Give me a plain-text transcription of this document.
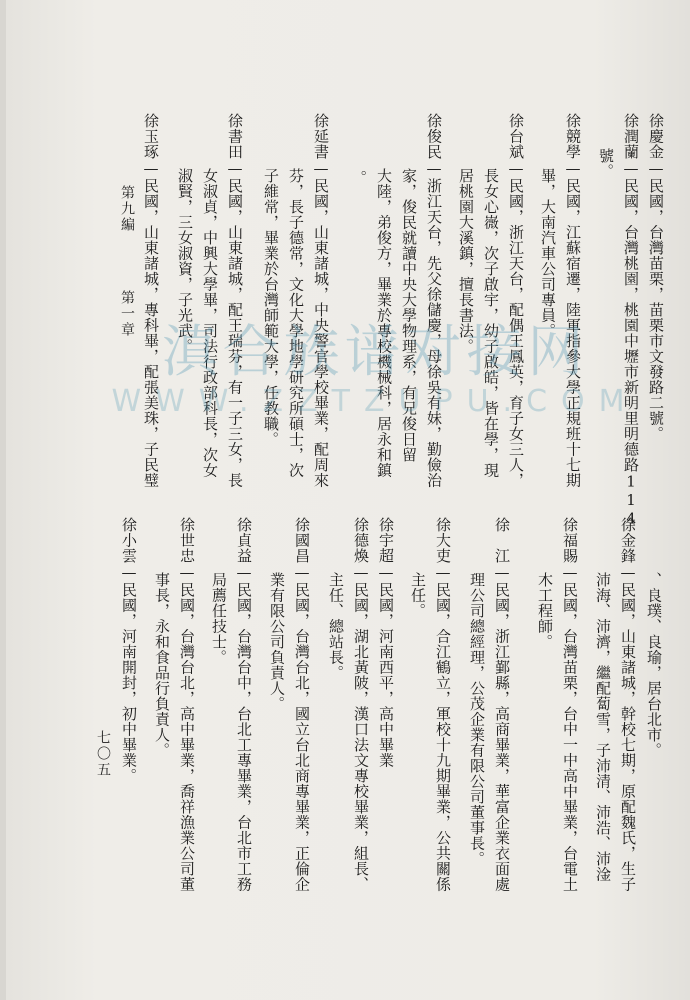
徐慶金—民國，台灣苗栗，苗栗市文發路二號。
徐潤蘭—民國，台灣桃園，桃園中壢市新明里明德路114
號。
徐競學—民國，江蘇宿遷，陸軍指參大學正規班十七期
畢，大南汽車公司專員。
徐台斌—民國，浙江天台，配偶王鳳英，育子女三人，
長女心嶶，次子啟宇，幼子啟皓，皆在學，現
居桃園大溪鎮，擅長書法。
徐俊民—浙江天台，先父徐儲慶，母徐吳有妹，勤儉治
家，俊民就讀中央大學物理系，有兄俊日留
大陸，弟俊方，畢業於專校機械科，居永和鎮
。
徐延書—民國，山東諸城，中央警官學校畢業，配周來
芬，長子德常，文化大學地學研究所碩士，次
子維常，畢業於台灣師範大學，任教職。
徐書田—民國，山東諸城，配王瑞芬，有一子三女，長
女淑貞，中興大學畢，司法行政部科長，次女
淑賢，三女淑資，子光武。
徐玉琢—民國，山東諸城，專科畢，配張美珠，子民璧
、良璞、良瑜，居台北市。
徐金鋒—民國，山東諸城，幹校七期，原配魏氏，生子
沛海、沛濟，繼配蔔雪，子沛清、沛浩、沛淦
徐福賜—民國，台灣苗栗，台中一中高中畢業，台電土
木工程師。
徐　江—民國，浙江鄞縣，高商畢業，華富企業衣面處
理公司總經理，公茂企業有限公司董事長。
徐大吏—民國，合江鶴立，軍校十九期畢業，公共關係
主任。
徐宇超—民國，河南西平，高中畢業
徐德煥—民國，湖北黃陂，漢口法文專校畢業，組長、
主任、總站長。
徐國昌—民國，台灣台北，國立台北商專畢業，正倫企
業有限公司負責人。
徐貞益—民國，台灣台中，台北工專畢業，台北市工務
局薦任技士。
徐世忠—民國，台灣台北，高中畢業，喬祥漁業公司董
事長，永和食品行負責人。
徐小雲—民國，河南開封，初中畢業。
第九編
第一章
七〇五
滇合族谱对接网
WWW.ZZTZUPU.COM
